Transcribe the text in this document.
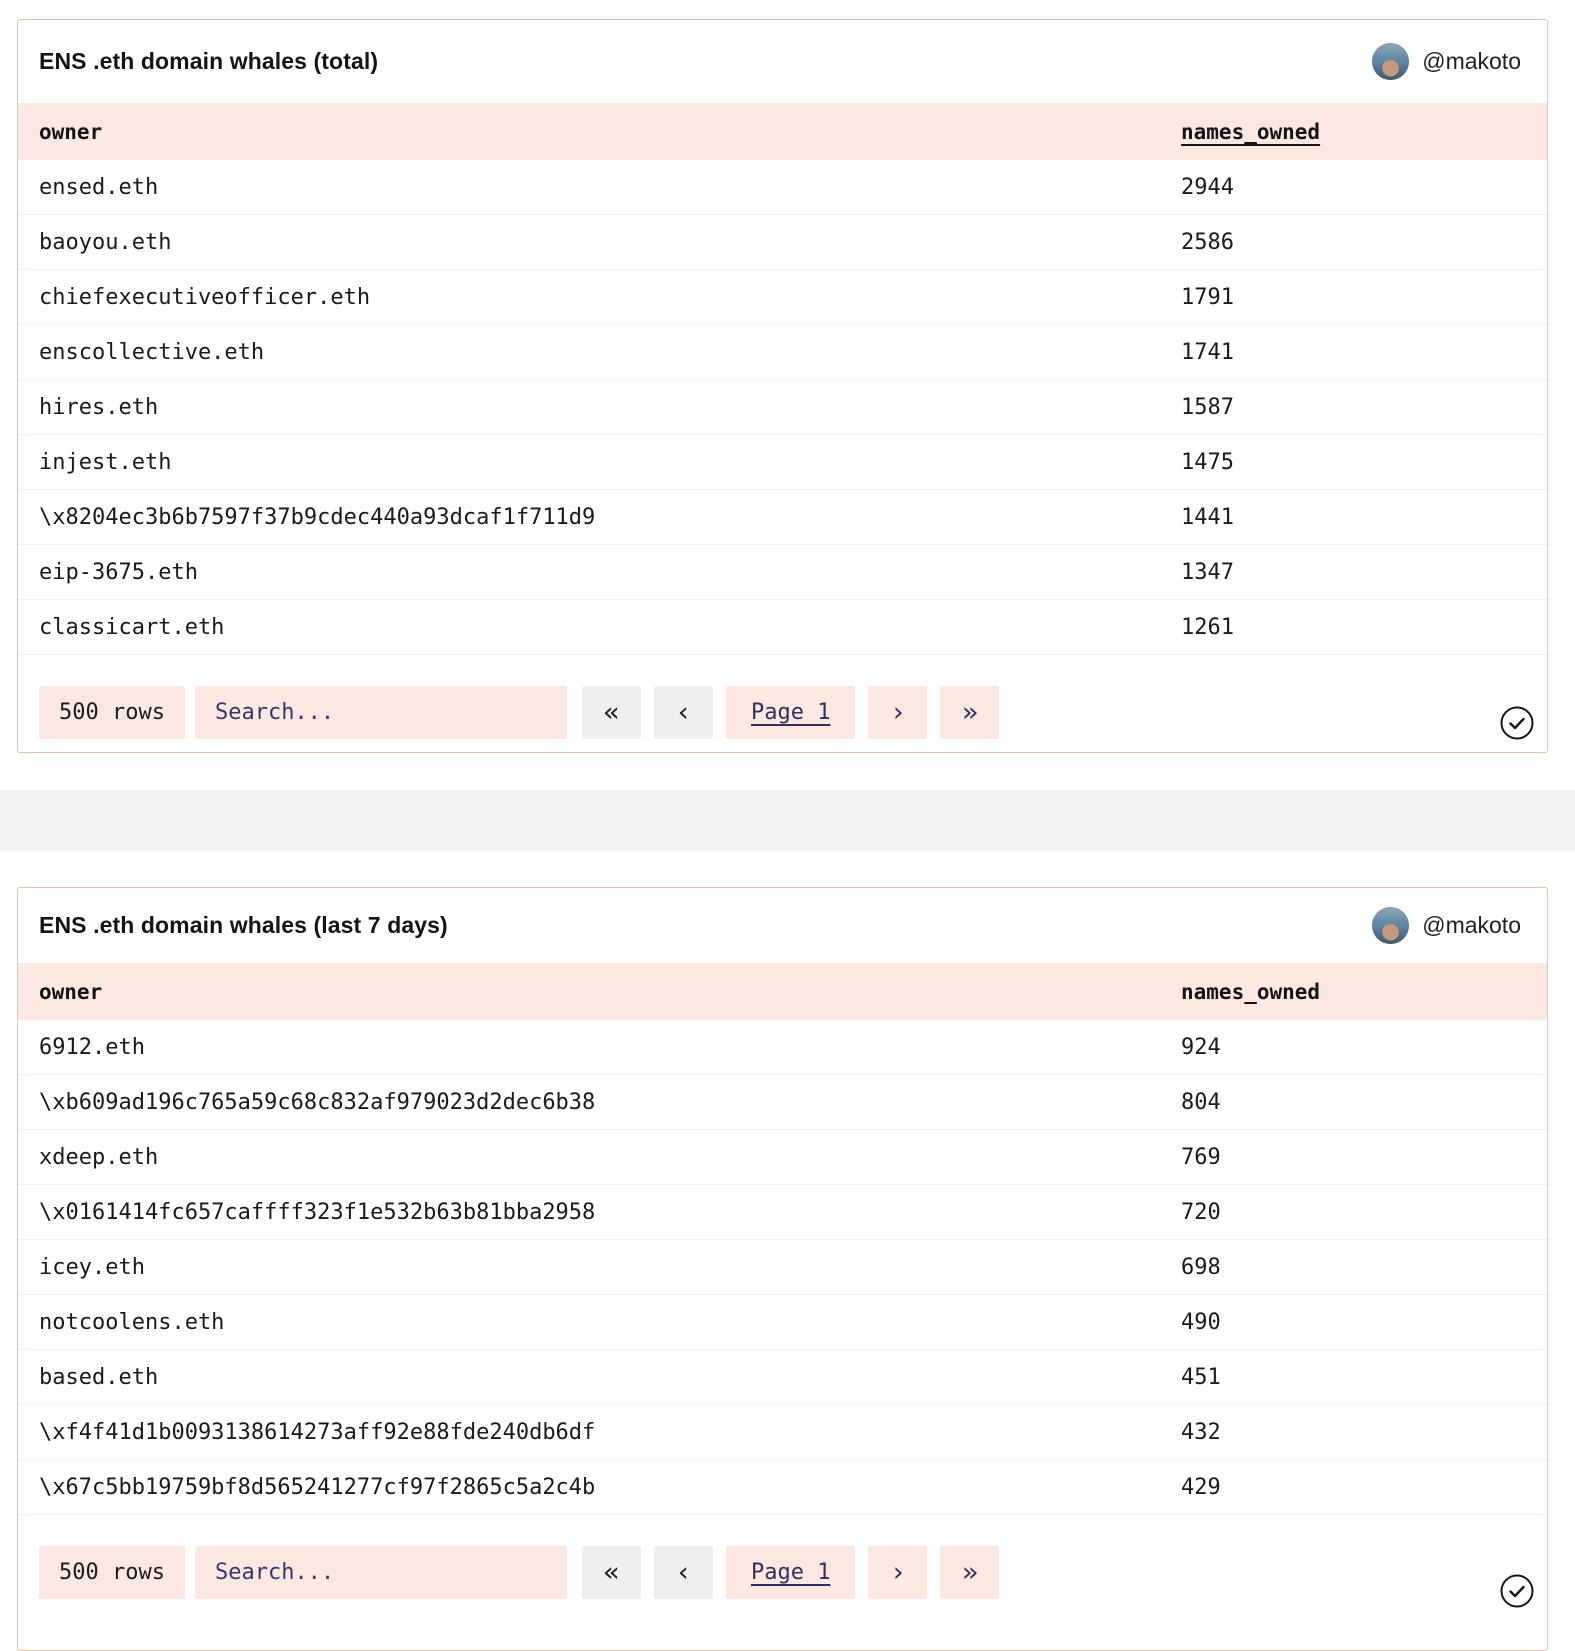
ENS .eth domain whales (total)	@makoto
owner	names_owned
ensed.eth	2944
baoyou.eth	2586
chiefexecutiveofficer.eth	1791
enscollective.eth	1741
hires.eth	1587
injest.eth	1475
\x8204ec3b6b7597f37b9cdec440a93dcaf1f711d9	1441
eip-3675.eth	1347
classicart.eth	1261
500 rows
Search...	« ‹	Page 1 › »
ENS .eth domain whales (last 7 days)	@makoto
owner	names_owned
6912.eth	924
\xb609ad196c765a59c68c832af979023d2dec6b38	804
xdeep.eth	769
\x0161414fc657caffff323f1e532b63b81bba2958	720
icey.eth	698
notcoolens.eth	490
based.eth	451
\xf4f41d1b0093138614273aff92e88fde240db6df	432
\x67c5bb19759bf8d565241277cf97f2865c5a2c4b	429
500 rows
Search...	« ‹	Page 1 › »
